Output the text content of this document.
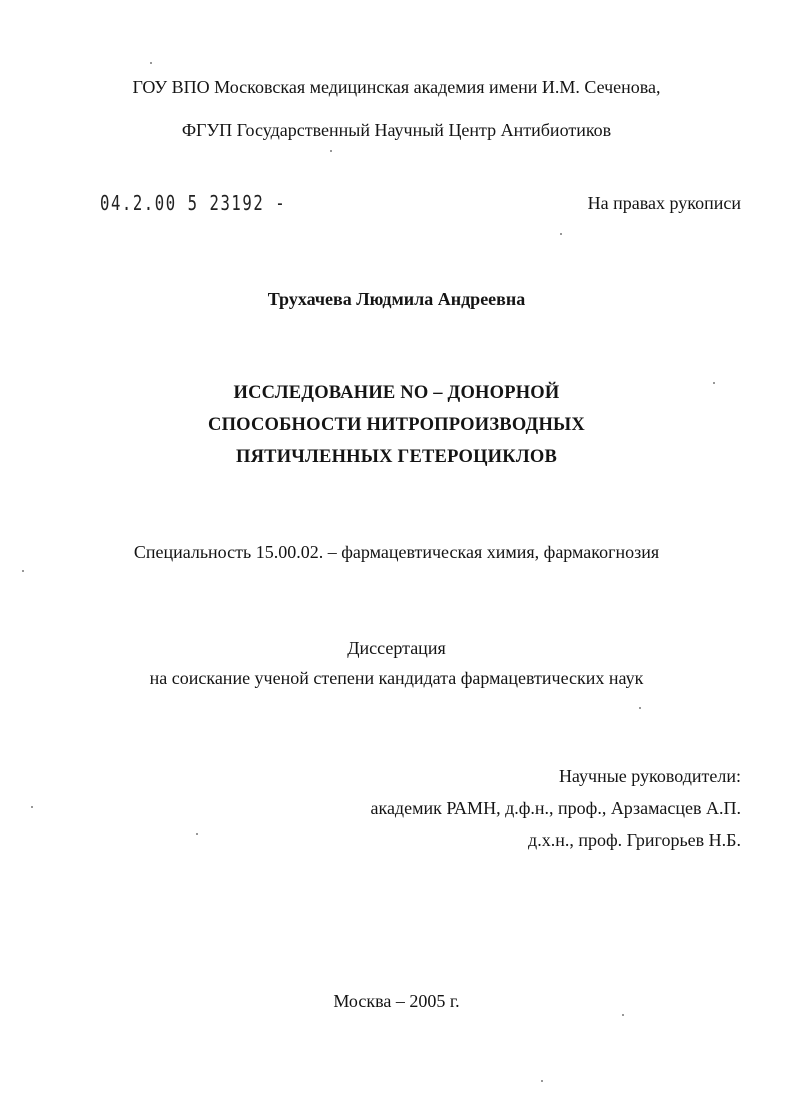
ГОУ ВПО Московская медицинская академия имени И.М. Сеченова,
ФГУП Государственный Научный Центр Антибиотиков
04.2.00 5 23192 -	На правах рукописи
Трухачева Людмила Андреевна
ИССЛЕДОВАНИЕ NO – ДОНОРНОЙ
СПОСОБНОСТИ НИТРОПРОИЗВОДНЫХ
ПЯТИЧЛЕННЫХ ГЕТЕРОЦИКЛОВ
Специальность 15.00.02. – фармацевтическая химия, фармакогнозия
Диссертация
на соискание ученой степени кандидата фармацевтических наук
Научные руководители:
академик РАМН, д.ф.н., проф., Арзамасцев А.П.
д.х.н., проф. Григорьев Н.Б.
Москва – 2005 г.
